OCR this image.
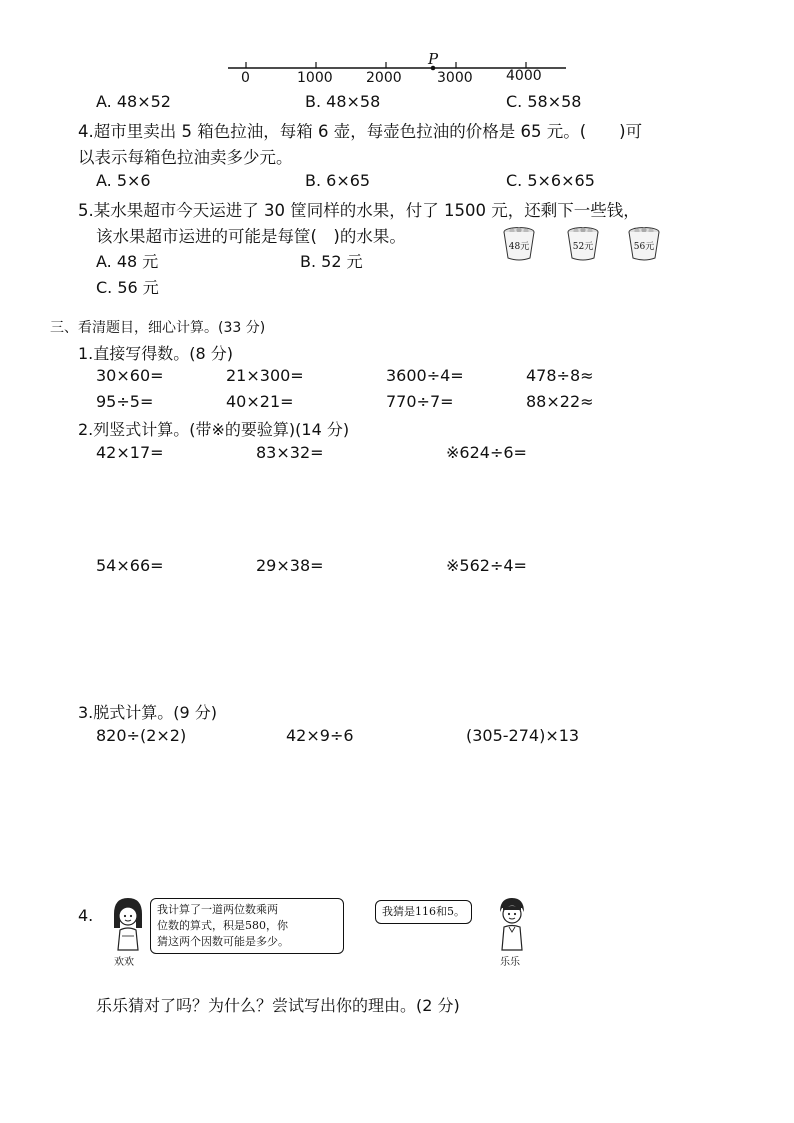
P
0	1000 2000	3000 4000
A. 48×52	B. 48×58	C. 58×58
4.超市里卖出 5 箱色拉油，每箱 6 壶，每壶色拉油的价格是 65 元。(　　)可
以表示每箱色拉油卖多少元。
A. 5×6	B. 6×65	C. 5×6×65
5.某水果超市今天运进了 30 筐同样的水果，付了 1500 元，还剩下一些钱，
该水果超市运进的可能是每筐(　)的水果。
A. 48 元	B. 52 元
C. 56 元
48元	52元	56元
三、看清题目，细心计算。(33 分)
1.直接写得数。(8 分)
30×60=	21×300=	3600÷4=	478÷8≈
95÷5=	40×21=	770÷7=	88×22≈
2.列竖式计算。(带※的要验算)(14 分)
42×17=	83×32=	※624÷6=
54×66=	29×38=	※562÷4=
3.脱式计算。(9 分)
820÷(2×2)	42×9÷6	(305-274)×13
4.
欢欢
我计算了一道两位数乘两
位数的算式，积是580，你
猜这两个因数可能是多少。
我猜是116和5。
乐乐
乐乐猜对了吗？为什么？尝试写出你的理由。(2 分)
